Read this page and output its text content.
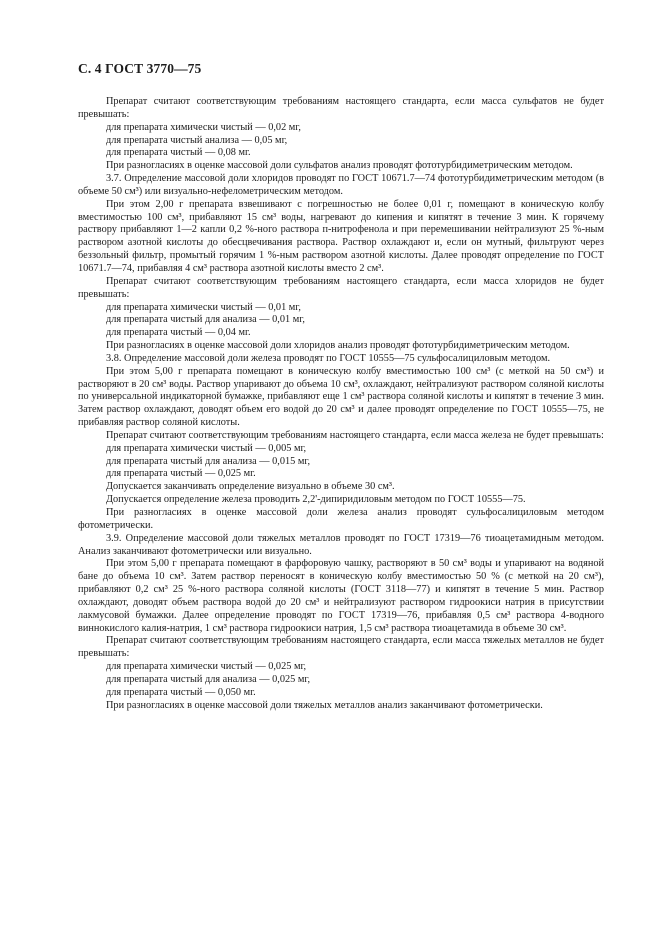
С. 4 ГОСТ 3770—75

Препарат считают соответствующим требованиям настоящего стандарта, если масса сульфатов не будет превышать:

для препарата химически чистый — 0,02 мг,

для препарата чистый анализа — 0,05 мг,

для препарата чистый — 0,08 мг.

При разногласиях в оценке массовой доли сульфатов анализ проводят фототурбидиметрическим методом.

3.7. Определение массовой доли хлоридов проводят по ГОСТ 10671.7—74 фототурбидиметрическим методом (в объеме 50 см³) или визуально-нефелометрическим методом.

При этом 2,00 г препарата взвешивают с погрешностью не более 0,01 г, помещают в коническую колбу вместимостью 100 см³, прибавляют 15 см³ воды, нагревают до кипения и кипятят в течение 3 мин. К горячему раствору прибавляют 1—2 капли 0,2 %-ного раствора п-нитрофенола и при перемешивании нейтрализуют 25 %-ным раствором азотной кислоты до обесцвечивания раствора. Раствор охлаждают и, если он мутный, фильтруют через беззольный фильтр, промытый горячим 1 %-ным раствором азотной кислоты. Далее проводят определение по ГОСТ 10671.7—74, прибавляя 4 см³ раствора азотной кислоты вместо 2 см³.

Препарат считают соответствующим требованиям настоящего стандарта, если масса хлоридов не будет превышать:

для препарата химически чистый — 0,01 мг,

для препарата чистый для анализа — 0,01 мг,

для препарата чистый — 0,04 мг.

При разногласиях в оценке массовой доли хлоридов анализ проводят фототурбидиметрическим методом.

3.8. Определение массовой доли железа проводят по ГОСТ 10555—75 сульфосалициловым методом.

При этом 5,00 г препарата помещают в коническую колбу вместимостью 100 см³ (с меткой на 50 см³) и растворяют в 20 см³ воды. Раствор упаривают до объема 10 см³, охлаждают, нейтрализуют раствором соляной кислоты по универсальной индикаторной бумажке, прибавляют еще 1 см³ раствора соляной кислоты и кипятят в течение 3 мин. Затем раствор охлаждают, доводят объем его водой до 20 см³ и далее проводят определение по ГОСТ 10555—75, не прибавляя раствор соляной кислоты.

Препарат считают соответствующим требованиям настоящего стандарта, если масса железа не будет превышать:

для препарата химически чистый — 0,005 мг,

для препарата чистый для анализа — 0,015 мг,

для препарата чистый — 0,025 мг.

Допускается заканчивать определение визуально в объеме 30 см³.

Допускается определение железа проводить 2,2'-дипиридиловым методом по ГОСТ 10555—75.

При разногласиях в оценке массовой доли железа анализ проводят сульфосалициловым методом фотометрически.

3.9. Определение массовой доли тяжелых металлов проводят по ГОСТ 17319—76 тиоацетамидным методом. Анализ заканчивают фотометрически или визуально.

При этом 5,00 г препарата помещают в фарфоровую чашку, растворяют в 50 см³ воды и упаривают на водяной бане до объема 10 см³. Затем раствор переносят в коническую колбу вместимостью 50 % (с меткой на 20 см³), прибавляют 0,2 см³ 25 %-ного раствора соляной кислоты (ГОСТ 3118—77) и кипятят в течение 5 мин. Раствор охлаждают, доводят объем раствора водой до 20 см³ и нейтрализуют раствором гидроокиси натрия в присутствии лакмусовой бумажки. Далее определение проводят по ГОСТ 17319—76, прибавляя 0,5 см³ раствора 4-водного виннокислого калия-натрия, 1 см³ раствора гидроокиси натрия, 1,5 см³ раствора тиоацетамида в объеме 30 см³.

Препарат считают соответствующим требованиям настоящего стандарта, если масса тяжелых металлов не будет превышать:

для препарата химически чистый — 0,025 мг,

для препарата чистый для анализа — 0,025 мг,

для препарата чистый — 0,050 мг.

При разногласиях в оценке массовой доли тяжелых металлов анализ заканчивают фотометрически.
